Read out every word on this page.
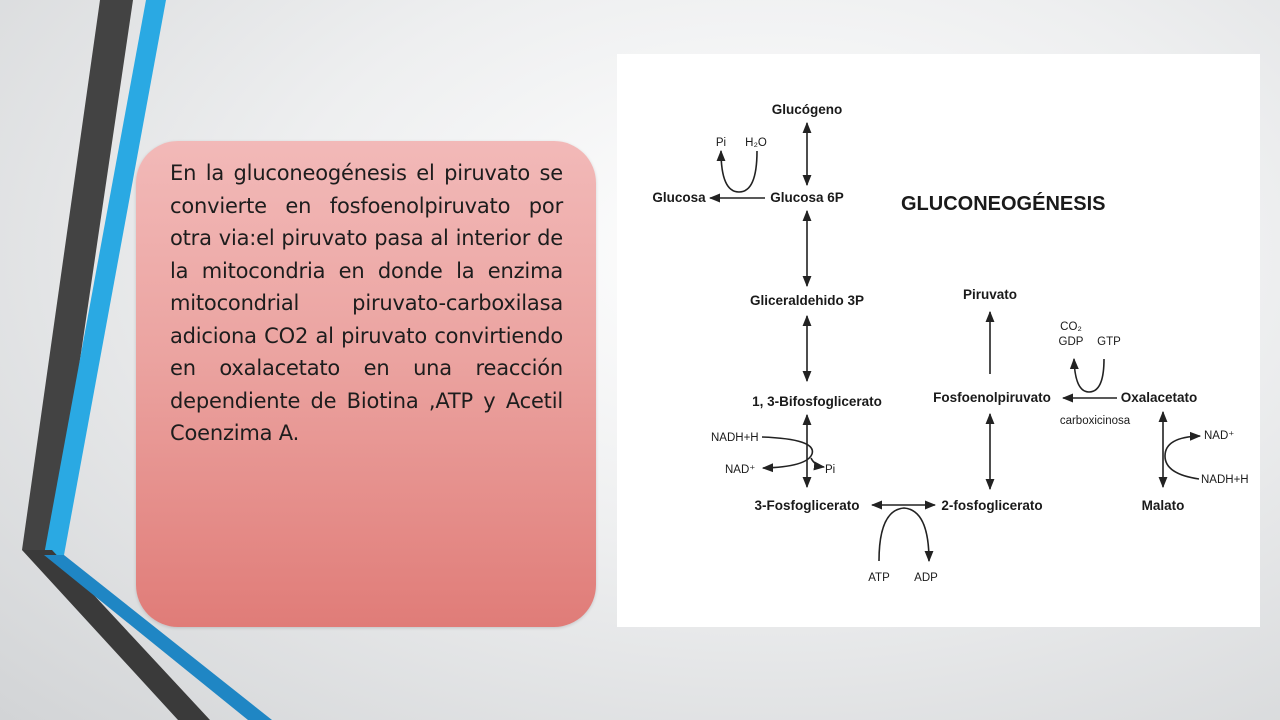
En la gluconeogénesis el piruvato se convierte en fosfoenolpiruvato por otra via:el piruvato pasa al interior de la mitocondria en donde la enzima mitocondrial piruvato-carboxilasa adiciona CO2 al piruvato convirtiendo en oxalacetato en una reacción dependiente de Biotina ,ATP y Acetil Coenzima A.

GLUCONEOGÉNESIS
Glucógeno
Glucosa 6P
Glucosa
Pi H₂O
Gliceraldehido 3P
1, 3-Bifosfoglicerato
3-Fosfoglicerato
NADH+H
NAD⁺	Pi
2-fosfoglicerato
ATP ADP
Piruvato
Fosfoenolpiruvato	Oxalacetato
carboxicinosa
CO₂
GDP GTP
Malato
NAD⁺
NADH+H
